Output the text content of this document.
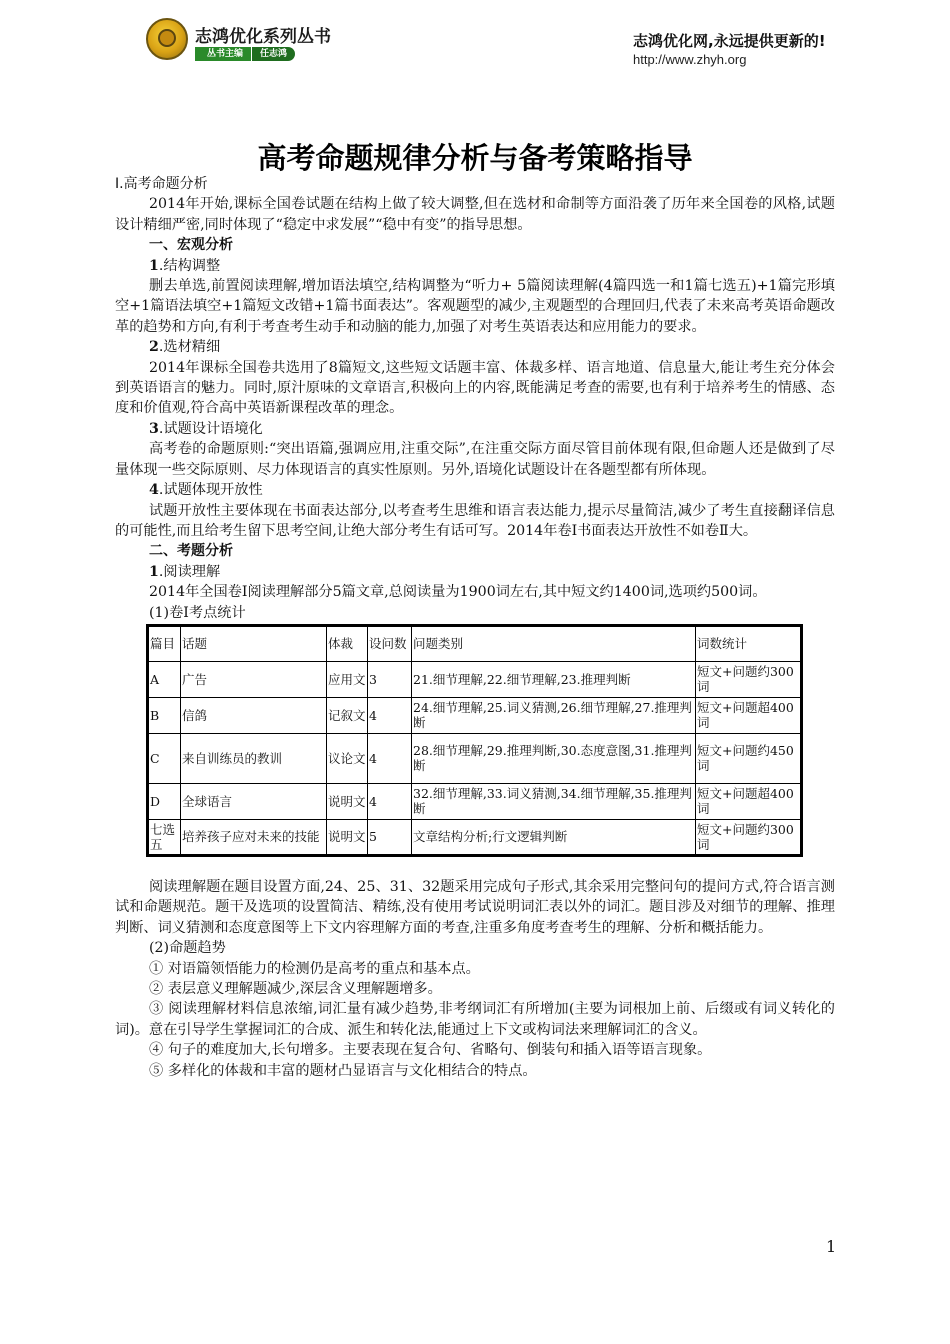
志鸿优化系列丛书
丛书主编	任志鸿
志鸿优化网,永远提供更新的!
http://www.zhyh.org
高考命题规律分析与备考策略指导

Ⅰ.高考命题分析

2014年开始,课标全国卷试题在结构上做了较大调整,但在选材和命制等方面沿袭了历年来全国卷的风格,试题设计精细严密,同时体现了“稳定中求发展”“稳中有变”的指导思想。

一、宏观分析

1.结构调整

删去单选,前置阅读理解,增加语法填空,结构调整为“听力+ 5篇阅读理解(4篇四选一和1篇七选五)+1篇完形填空+1篇语法填空+1篇短文改错+1篇书面表达”。客观题型的减少,主观题型的合理回归,代表了未来高考英语命题改革的趋势和方向,有利于考查考生动手和动脑的能力,加强了对考生英语表达和应用能力的要求。

2.选材精细

2014年课标全国卷共选用了8篇短文,这些短文话题丰富、体裁多样、语言地道、信息量大,能让考生充分体会到英语语言的魅力。同时,原汁原味的文章语言,积极向上的内容,既能满足考查的需要,也有利于培养考生的情感、态度和价值观,符合高中英语新课程改革的理念。

3.试题设计语境化

高考卷的命题原则:“突出语篇,强调应用,注重交际”,在注重交际方面尽管目前体现有限,但命题人还是做到了尽量体现一些交际原则、尽力体现语言的真实性原则。另外,语境化试题设计在各题型都有所体现。

4.试题体现开放性

试题开放性主要体现在书面表达部分,以考查考生思维和语言表达能力,提示尽量简洁,减少了考生直接翻译信息的可能性,而且给考生留下思考空间,让绝大部分考生有话可写。2014年卷Ⅰ书面表达开放性不如卷Ⅱ大。

二、考题分析

1.阅读理解

2014年全国卷Ⅰ阅读理解部分5篇文章,总阅读量为1900词左右,其中短文约1400词,选项约500词。

(1)卷Ⅰ考点统计

篇目	话题	体裁	设问数	问题类别	词数统计
A	广告	应用文	3	21.细节理解,22.细节理解,23.推理判断	短文+问题约300词
B	信鸽	记叙文	4	24.细节理解,25.词义猜测,26.细节理解,27.推理判断	短文+问题超400词
C	来自训练员的教训	议论文	4	28.细节理解,29.推理判断,30.态度意图,31.推理判断	短文+问题约450词
D	全球语言	说明文	4	32.细节理解,33.词义猜测,34.细节理解,35.推理判断	短文+问题超400词
七选五	培养孩子应对未来的技能	说明文	5	文章结构分析;行文逻辑判断	短文+问题约300词

阅读理解题在题目设置方面,24、25、31、32题采用完成句子形式,其余采用完整问句的提问方式,符合语言测试和命题规范。题干及选项的设置简洁、精练,没有使用考试说明词汇表以外的词汇。题目涉及对细节的理解、推理判断、词义猜测和态度意图等上下文内容理解方面的考查,注重多角度考查考生的理解、分析和概括能力。

(2)命题趋势

① 对语篇领悟能力的检测仍是高考的重点和基本点。

② 表层意义理解题减少,深层含义理解题增多。

③ 阅读理解材料信息浓缩,词汇量有减少趋势,非考纲词汇有所增加(主要为词根加上前、后缀或有词义转化的词)。意在引导学生掌握词汇的合成、派生和转化法,能通过上下文或构词法来理解词汇的含义。

④ 句子的难度加大,长句增多。主要表现在复合句、省略句、倒装句和插入语等语言现象。

⑤ 多样化的体裁和丰富的题材凸显语言与文化相结合的特点。

1
